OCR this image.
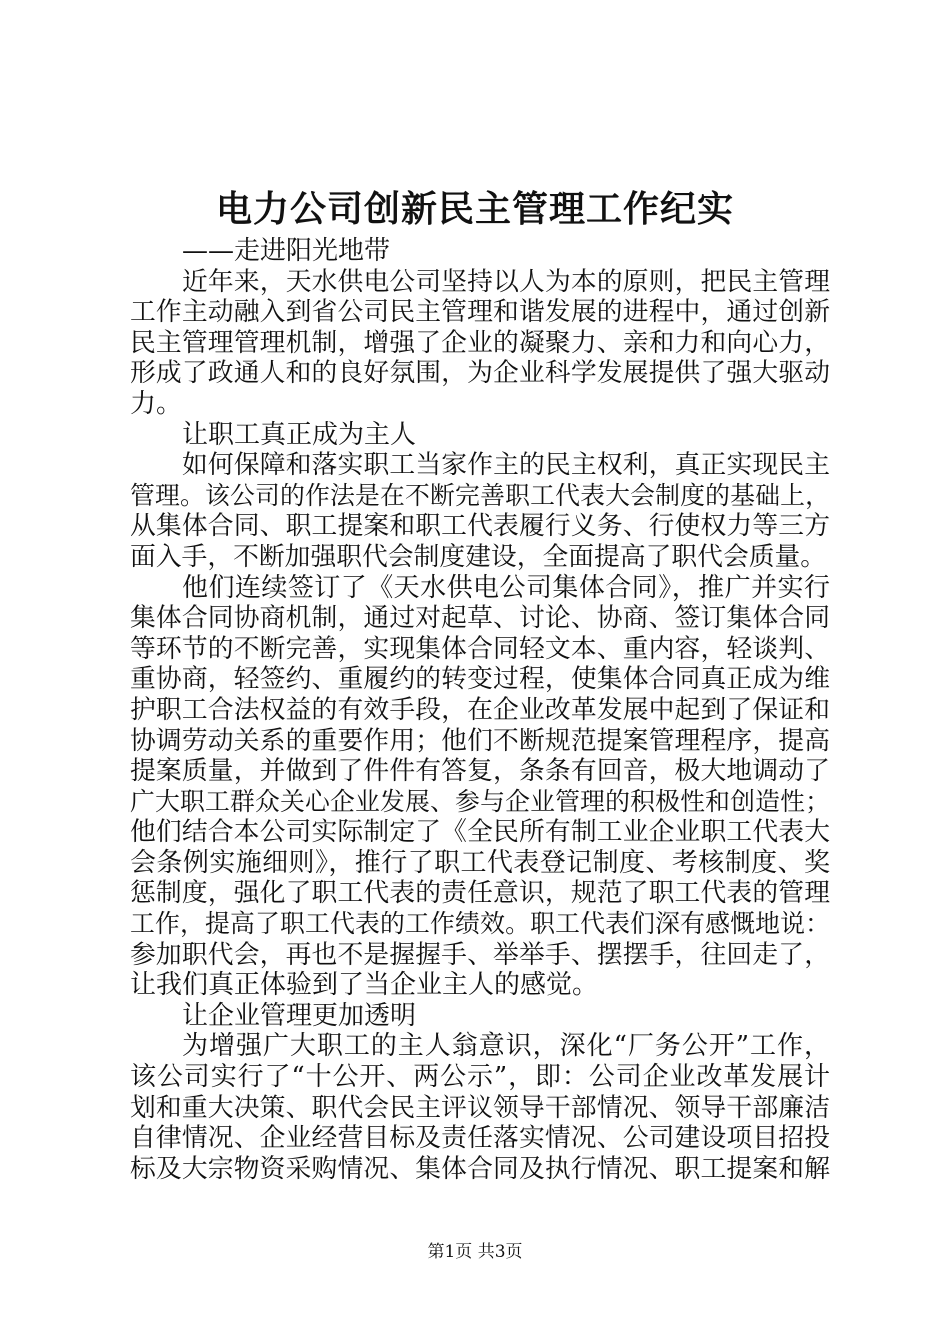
电力公司创新民主管理工作纪实
——走进阳光地带
近年来，天水供电公司坚持以人为本的原则，把民主管理
工作主动融入到省公司民主管理和谐发展的进程中，通过创新
民主管理管理机制，增强了企业的凝聚力、亲和力和向心力，
形成了政通人和的良好氛围，为企业科学发展提供了强大驱动
力。
让职工真正成为主人
如何保障和落实职工当家作主的民主权利，真正实现民主
管理。该公司的作法是在不断完善职工代表大会制度的基础上，
从集体合同、职工提案和职工代表履行义务、行使权力等三方
面入手，不断加强职代会制度建设，全面提高了职代会质量。
他们连续签订了《天水供电公司集体合同》，推广并实行
集体合同协商机制，通过对起草、讨论、协商、签订集体合同
等环节的不断完善，实现集体合同轻文本、重内容，轻谈判、
重协商，轻签约、重履约的转变过程，使集体合同真正成为维
护职工合法权益的有效手段，在企业改革发展中起到了保证和
协调劳动关系的重要作用；他们不断规范提案管理程序，提高
提案质量，并做到了件件有答复，条条有回音，极大地调动了
广大职工群众关心企业发展、参与企业管理的积极性和创造性；
他们结合本公司实际制定了《全民所有制工业企业职工代表大
会条例实施细则》，推行了职工代表登记制度、考核制度、奖
惩制度，强化了职工代表的责任意识，规范了职工代表的管理
工作，提高了职工代表的工作绩效。职工代表们深有感慨地说：
参加职代会，再也不是握握手、举举手、摆摆手，往回走了，
让我们真正体验到了当企业主人的感觉。
让企业管理更加透明
为增强广大职工的主人翁意识，深化“厂务公开”工作，
该公司实行了“十公开、两公示”，即：公司企业改革发展计
划和重大决策、职代会民主评议领导干部情况、领导干部廉洁
自律情况、企业经营目标及责任落实情况、公司建设项目招投
标及大宗物资采购情况、集体合同及执行情况、职工提案和解
第1页 共3页
